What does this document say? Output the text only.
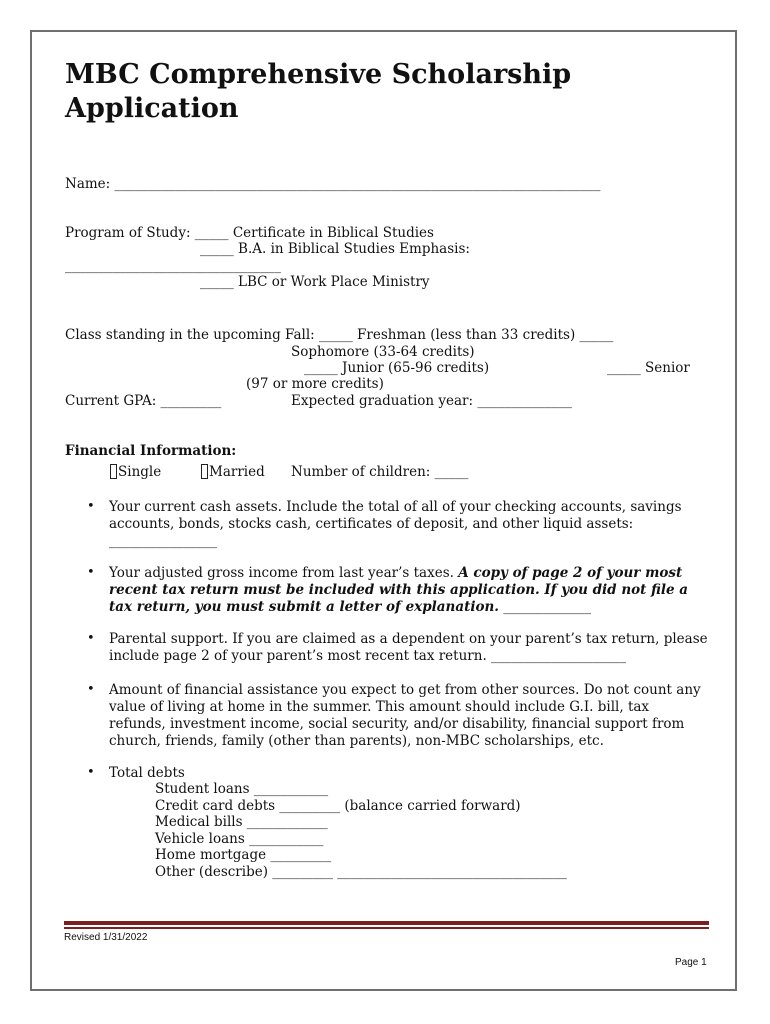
MBC Comprehensive Scholarship Application
Name: ________________________________________________________________________
Program of Study: _____ Certificate in Biblical Studies
_____ B.A. in Biblical Studies Emphasis:
________________________________
_____ LBC or Work Place Ministry
Class standing in the upcoming Fall: _____ Freshman (less than 33 credits) _____
Sophomore (33-64 credits)
_____ Junior (65-96 credits)	_____ Senior
(97 or more credits)
Current GPA: _________	Expected graduation year: ______________
Financial Information:
Single	Married Number of children: _____
• Your current cash assets. Include the total of all of your checking accounts, savings accounts, bonds, stocks cash, certificates of deposit, and other liquid assets:
________________
• Your adjusted gross income from last year’s taxes. A copy of page 2 of your most recent tax return must be included with this application. If you did not file a tax return, you must submit a letter of explanation. _____________
• Parental support. If you are claimed as a dependent on your parent’s tax return, please include page 2 of your parent’s most recent tax return. ____________________
• Amount of financial assistance you expect to get from other sources. Do not count any value of living at home in the summer. This amount should include G.I. bill, tax refunds, investment income, social security, and/or disability, financial support from church, friends, family (other than parents), non-MBC scholarships, etc.
• Total debts
Student loans ___________
Credit card debts _________ (balance carried forward)
Medical bills ____________
Vehicle loans ___________
Home mortgage _________
Other (describe) _________ __________________________________
Revised 1/31/2022
Page 1
